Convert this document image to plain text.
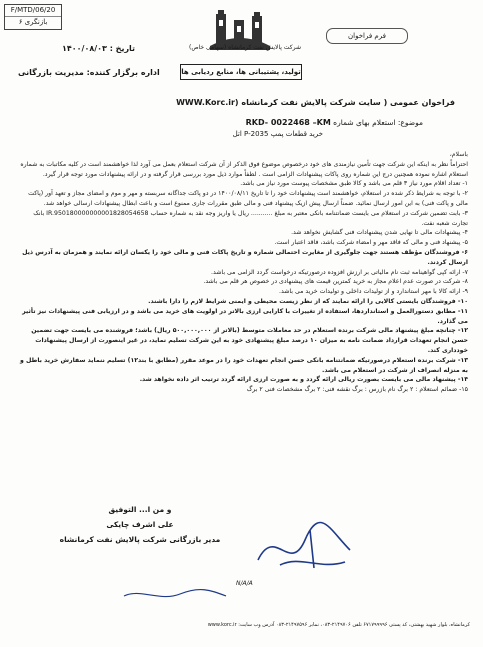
F/MTD/06/20
بازنگری ۶
شرکت پالایش نفت کرمانشاه (سهامی خاص)
تولید، پشتیبانی ها، منابع ردیابی ها
فرم فراخوان
تاریخ : ۱۴۰۰/۰۸/۰۳
اداره برگزار کننده: مدیریت بازرگانی
فراخوان عمومی ( سایت شرکت پالایش نفت کرمانشاه (WWW.Korc.ir
موضوع: استعلام بهای شماره RKD- 0022468 –KM
خرید قطعات پمپ P-2035 اتل

باسلام،

احتراماً نظر به اینکه این شرکت جهت تأمین نیازمندی های خود درخصوص موضوع فوق الذکر از آن شرکت استعلام بعمل می آورد لذا خواهشمند است در کلیه مکاتبات به شماره استعلام اشاره نموده همچنین درج این شماره روی پاکات پیشنهادات الزامی است . لطفاً موارد ذیل مورد بررسی قرار گرفته و در ارائه پیشنهادات مورد توجه قرار گیرد.

۱- تعداد اقلام مورد نیاز ۳ قلم می باشد و کالا طبق مشخصات پیوست مورد نیاز می باشد.

۲- با توجه به شرایط ذکر شده در استعلام، خواهشمند است پیشنهادات خود را تا تاریخ ۱۴۰۰/۰۸/۱۱ در دو پاکت جداگانه سربسته و مهر و موم و امضای مجاز و تعهد آور (پاکت مالی و پاکت فنی) به این امور ارسال نمائید. ضمناً ارسال پیش ازیک پیشنهاد فنی و مالی طبق مقررات جاری ممنوع است و باعث ابطال پیشنهادات ارسالی خواهد شد.

۳- بابت تضمین شرکت در استعلام می بایست ضمانتنامه بانکی معتبر به مبلغ ........... ریال یا واریز وجه نقد به شماره حساب IR.950180000000001828054658 بانک تجارت شعبه نفت.

۴- پیشنهادات مالی تا نهایی شدن پیشنهادات فنی گشایش نخواهد شد.

۵- پیشنهاد فنی و مالی که فاقد مهر و امضاء شرکت باشد، فاقد اعتبار است.

۶- فروشندگان مؤظف هستند جهت جلوگیری از مغایرت احتمالی شماره و تاریخ پاکات فنی و مالی خود را یکسان ارائه نمایند و همزمان به آدرس ذیل ارسال کردند.

۷- ارائه کپی گواهینامه ثبت نام مالیاتی بر ارزش افزوده درصورتیکه درخواست گردد الزامی می باشد.

۸- شرکت در صورت عدم اعلام مجاز به خرید کمترین قیمت های پیشنهادی در خصوص هر قلم می باشد.

۹- ارائه کالا با مهر استاندارد و از تولیدات داخلی و تولیدات خرید می باشد.

۱۰- فروشندگان بایستی کالایی را ارائه نمایند که از نظر زیست محیطی و ایمنی شرایط لازم را دارا باشند.

۱۱- مطابق دستورالعمل و استانداردها، استفاده از تغییرات با کارایی ارزی بالاتر در اولویت های خرید می باشد و در ارزیابی فنی پیشنهادات نیز تأثیر می گذارد.

۱۲- چنانچه مبلغ پیشنهاد مالی شرکت برنده استعلام در حد معاملات متوسط (بالاتر از ۵۰۰,۰۰۰,۰۰۰ ریال) باشد؛ فروشنده می بایست جهت تضمین حسن انجام تعهدات قرارداد ضمانت نامه به میزان ۱۰ درصد مبلغ پیشنهادی خود به این شرکت تسلیم نماید، در غیر اینصورت از ارسال پیشنهادات خودداری کند.

۱۳- شرکت برنده استعلام درصورتیکه ضمانتنامه بانکی حسن انجام تعهدات خود را در موعد مقرر (مطابق با بند۱۲) تسلیم ننماید سفارش خرید باطل و به منزله انصراف از شرکت در استعلام می باشد.

۱۴- پیشنهاد مالی می بایست بصورت ریالی ارائه گردد و به صورت ارزی ارائه گردد ترتیب اثر داده نخواهد شد.

۱۵- ضمائم استعلام : ۲ برگ نام بازرس : برگ نقشه فنی: ۲ برگ مشخصات فنی ۲ برگ

و من ا... التوفیق
علی اشرف چایکی
مدیر بازرگانی شرکت پالایش نفت کرمانشاه
N/A/A
کرمانشاه، بلوار شهید بهشتی، کد پستی ۶۷۱۷۹۹۹۹۶ تلفن ۲۱۴۹۷۰۶-۰۸۳، نمابر ۲۱۴۹۷۵۹۶-۰۸۳ آدرس وب سایت: www.korc.ir
